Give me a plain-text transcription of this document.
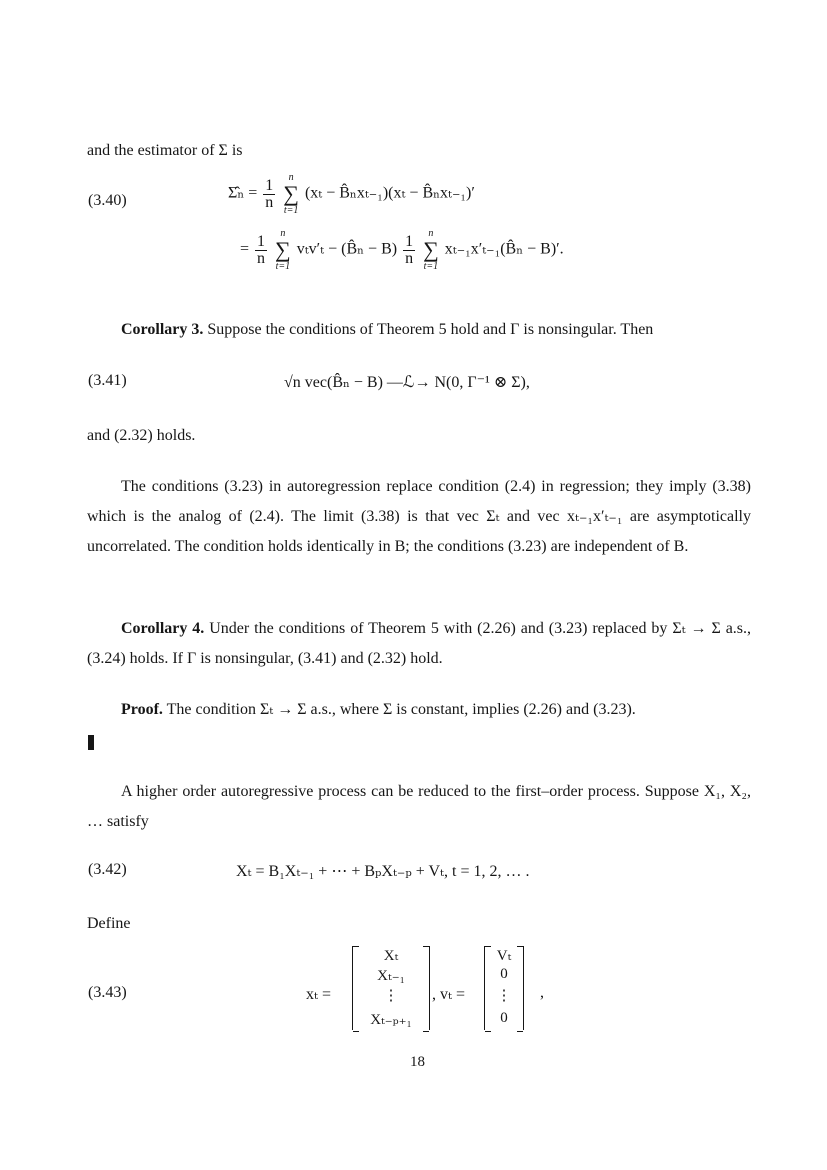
and the estimator of Σ is
(3.40)	Σ̂ₙ = $\frac{1}{n}$
	n
∑
t=1
(xₜ − B̂ₙxₜ₋₁)(xₜ − B̂ₙxₜ₋₁)′
= $\frac{1}{n}$
	n
∑
t=1
vₜv′ₜ − (B̂ₙ − $B) \frac{1}{n}$
	n
∑
t=1
xₜ₋₁x′ₜ₋₁(B̂ₙ − B)′.
Corollary 3. Suppose the conditions of Theorem 5 hold and Γ is nonsingular. Then
(3.41)	√n vec(B̂ₙ − B) —ℒ→ N(0, Γ⁻¹ ⊗ Σ),
and (2.32) holds.
The conditions (3.23) in autoregression replace condition (2.4) in regression; they imply (3.38) which is the analog of (2.4). The limit (3.38) is that vec Σₜ and vec xₜ₋₁x′ₜ₋₁ are asymptotically uncorrelated. The condition holds identically in B; the conditions (3.23) are independent of B.
Corollary 4. Under the conditions of Theorem 5 with (2.26) and (3.23) replaced by Σₜ → Σ a.s., (3.24) holds. If Γ is nonsingular, (3.41) and (2.32) hold.
Proof. The condition Σₜ → Σ a.s., where Σ is constant, implies (2.26) and (3.23).
A higher order autoregressive process can be reduced to the first–order process. Suppose X₁, X₂, … satisfy
(3.42)	Xₜ = B₁Xₜ₋₁ + ⋯ + BₚXₜ₋ₚ + Vₜ, t = 1, 2, … .
Define
(3.43)	xₜ =
Xₜ
Xₜ₋₁
⋮
Xₜ₋ₚ₊₁
, vₜ =
Vₜ
0
⋮
0
,
18
